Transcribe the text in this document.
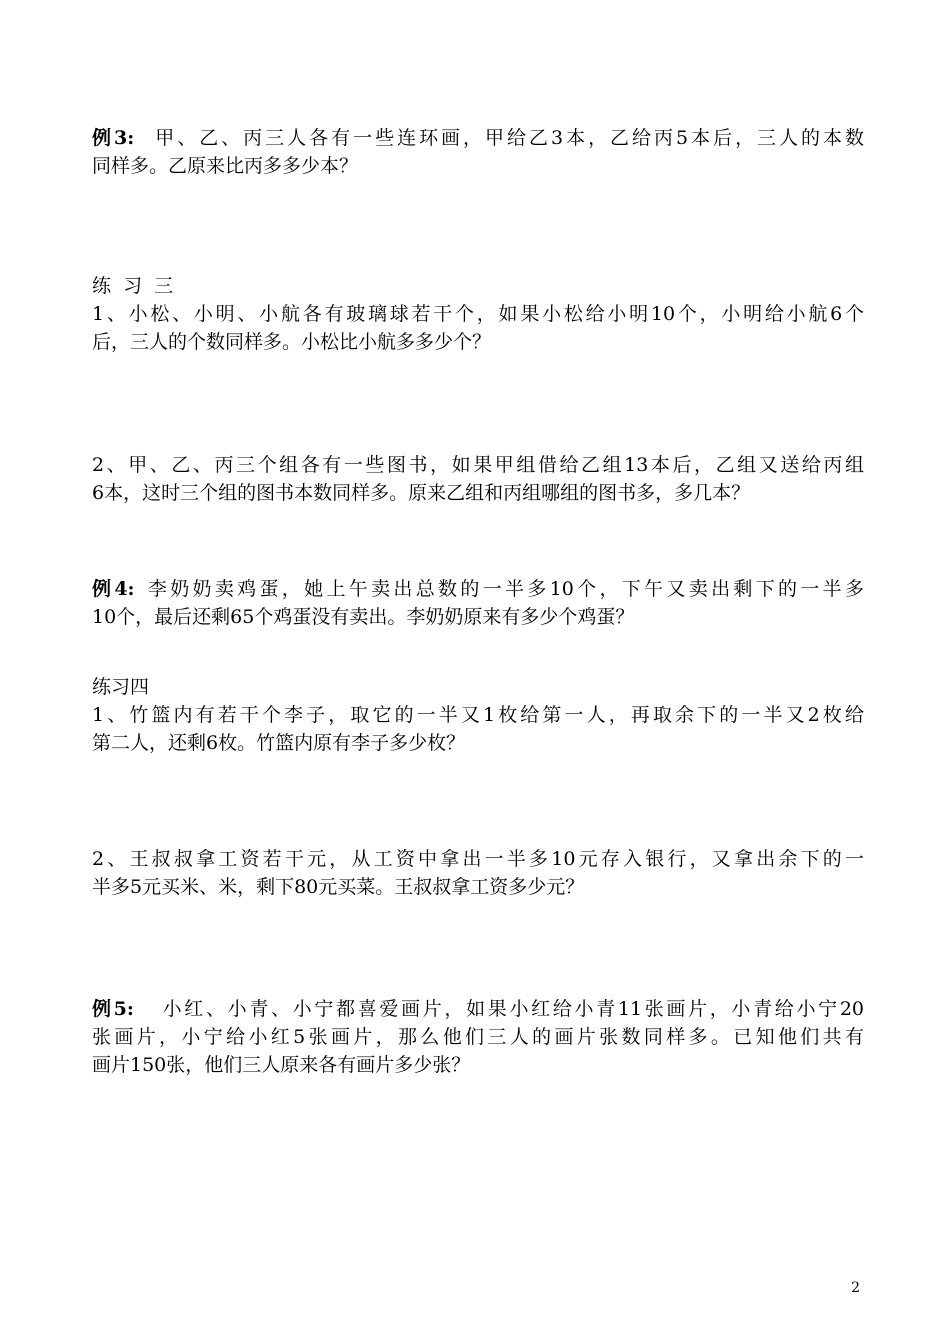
例3: 甲、乙、丙三人各有一些连环画，甲给乙3本，乙给丙5本后，三人的本数
同样多。乙原来比丙多多少本？
练  习  三
1、小松、小明、小航各有玻璃球若干个，如果小松给小明10个，小明给小航6个
后，三人的个数同样多。小松比小航多多少个？
2、甲、乙、丙三个组各有一些图书，如果甲组借给乙组13本后，乙组又送给丙组
6本，这时三个组的图书本数同样多。原来乙组和丙组哪组的图书多，多几本？
例4: 李奶奶卖鸡蛋，她上午卖出总数的一半多10个，下午又卖出剩下的一半多
10个，最后还剩65个鸡蛋没有卖出。李奶奶原来有多少个鸡蛋？
练习四
1、竹篮内有若干个李子，取它的一半又1枚给第一人，再取余下的一半又2枚给
第二人，还剩6枚。竹篮内原有李子多少枚？
2、王叔叔拿工资若干元，从工资中拿出一半多10元存入银行，又拿出余下的一
半多5元买米、米，剩下80元买菜。王叔叔拿工资多少元？
例5: 小红、小青、小宁都喜爱画片，如果小红给小青11张画片，小青给小宁20
张画片，小宁给小红5张画片，那么他们三人的画片张数同样多。已知他们共有
画片150张，他们三人原来各有画片多少张？
2
